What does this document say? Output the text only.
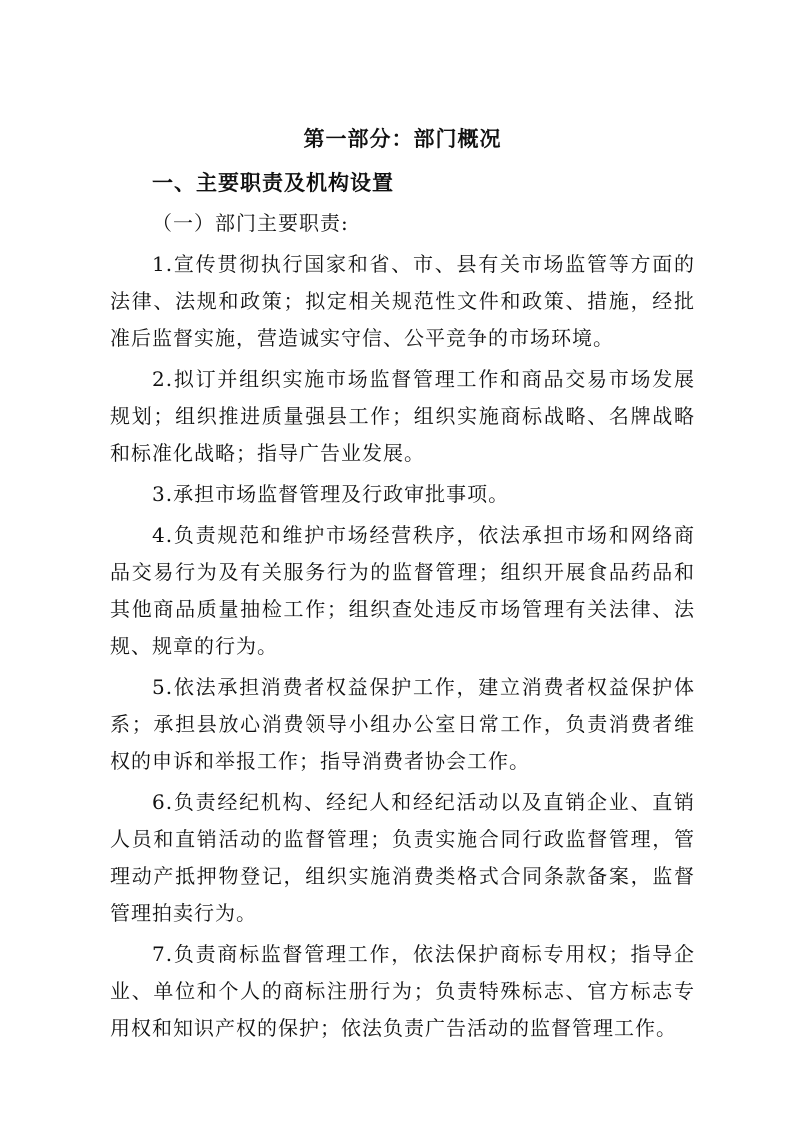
第一部分：部门概况
一、主要职责及机构设置

（一）部门主要职责:

1.宣传贯彻执行国家和省、市、县有关市场监管等方面的法律、法规和政策；拟定相关规范性文件和政策、措施，经批准后监督实施，营造诚实守信、公平竞争的市场环境。

2.拟订并组织实施市场监督管理工作和商品交易市场发展规划；组织推进质量强县工作；组织实施商标战略、名牌战略和标准化战略；指导广告业发展。

3.承担市场监督管理及行政审批事项。

4.负责规范和维护市场经营秩序，依法承担市场和网络商品交易行为及有关服务行为的监督管理；组织开展食品药品和其他商品质量抽检工作；组织查处违反市场管理有关法律、法规、规章的行为。

5.依法承担消费者权益保护工作，建立消费者权益保护体系；承担县放心消费领导小组办公室日常工作，负责消费者维权的申诉和举报工作；指导消费者协会工作。

6.负责经纪机构、经纪人和经纪活动以及直销企业、直销人员和直销活动的监督管理；负责实施合同行政监督管理，管理动产抵押物登记，组织实施消费类格式合同条款备案，监督管理拍卖行为。

7.负责商标监督管理工作，依法保护商标专用权；指导企业、单位和个人的商标注册行为；负责特殊标志、官方标志专用权和知识产权的保护；依法负责广告活动的监督管理工作。
